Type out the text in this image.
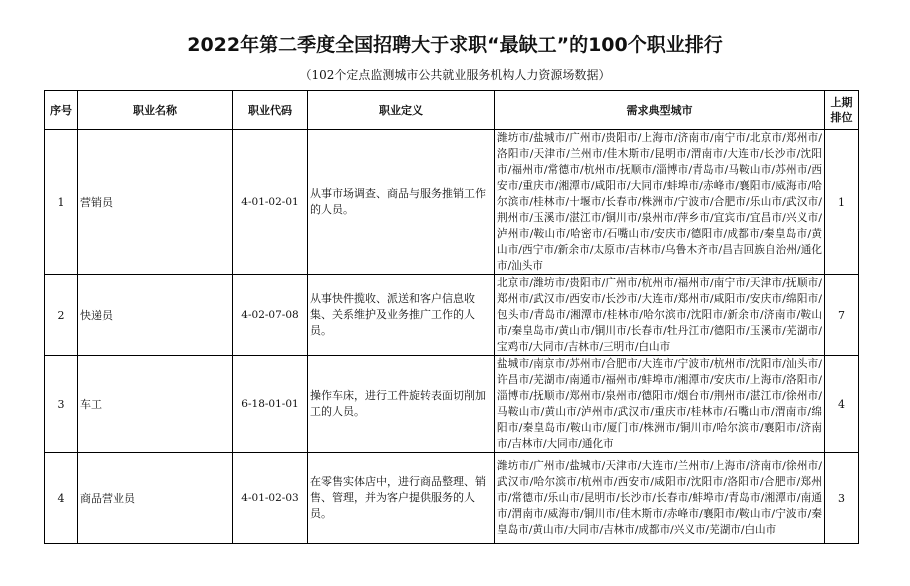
2022年第二季度全国招聘大于求职“最缺工”的100个职业排行
（102个定点监测城市公共就业服务机构人力资源场数据）
序号	职业名称	职业代码	职业定义	需求典型城市	上期
排位
1	营销员	4-01-02-01	从事市场调查、商品与服务推销工作的人员。	潍坊市/盐城市/广州市/贵阳市/上海市/济南市/南宁市/北京市/郑州市/洛阳市/天津市/兰州市/佳木斯市/昆明市/渭南市/大连市/长沙市/沈阳市/福州市/常德市/杭州市/抚顺市/淄博市/青岛市/马鞍山市/苏州市/西安市/重庆市/湘潭市/咸阳市/大同市/蚌埠市/赤峰市/襄阳市/威海市/哈尔滨市/桂林市/十堰市/长春市/株洲市/宁波市/合肥市/乐山市/武汉市/荆州市/玉溪市/湛江市/铜川市/泉州市/萍乡市/宜宾市/宜昌市/兴义市/泸州市/鞍山市/哈密市/石嘴山市/安庆市/德阳市/成都市/秦皇岛市/黄山市/西宁市/新余市/太原市/吉林市/乌鲁木齐市/昌吉回族自治州/通化市/汕头市	1
2	快递员	4-02-07-08	从事快件揽收、派送和客户信息收集、关系维护及业务推广工作的人员。	北京市/潍坊市/贵阳市/广州市/杭州市/福州市/南宁市/天津市/抚顺市/郑州市/武汉市/西安市/长沙市/大连市/郑州市/咸阳市/安庆市/绵阳市/包头市/青岛市/湘潭市/桂林市/哈尔滨市/沈阳市/新余市/济南市/鞍山市/秦皇岛市/黄山市/铜川市/长春市/牡丹江市/德阳市/玉溪市/芜湖市/宝鸡市/大同市/吉林市/三明市/白山市	7
3	车工	6-18-01-01	操作车床，进行工件旋转表面切削加工的人员。	盐城市/南京市/苏州市/合肥市/大连市/宁波市/杭州市/沈阳市/汕头市/许昌市/芜湖市/南通市/福州市/蚌埠市/湘潭市/安庆市/上海市/洛阳市/淄博市/抚顺市/郑州市/泉州市/德阳市/烟台市/荆州市/湛江市/徐州市/马鞍山市/黄山市/泸州市/武汉市/重庆市/桂林市/石嘴山市/渭南市/绵阳市/秦皇岛市/鞍山市/厦门市/株洲市/铜川市/哈尔滨市/襄阳市/济南市/吉林市/大同市/通化市	4
4	商品营业员	4-01-02-03	在零售实体店中，进行商品整理、销售、管理，并为客户提供服务的人员。	潍坊市/广州市/盐城市/天津市/大连市/兰州市/上海市/济南市/徐州市/武汉市/哈尔滨市/杭州市/西安市/咸阳市/沈阳市/洛阳市/合肥市/郑州市/常德市/乐山市/昆明市/长沙市/长春市/蚌埠市/青岛市/湘潭市/南通市/渭南市/威海市/铜川市/佳木斯市/赤峰市/襄阳市/鞍山市/宁波市/秦皇岛市/黄山市/大同市/吉林市/成都市/兴义市/芜湖市/白山市	3
